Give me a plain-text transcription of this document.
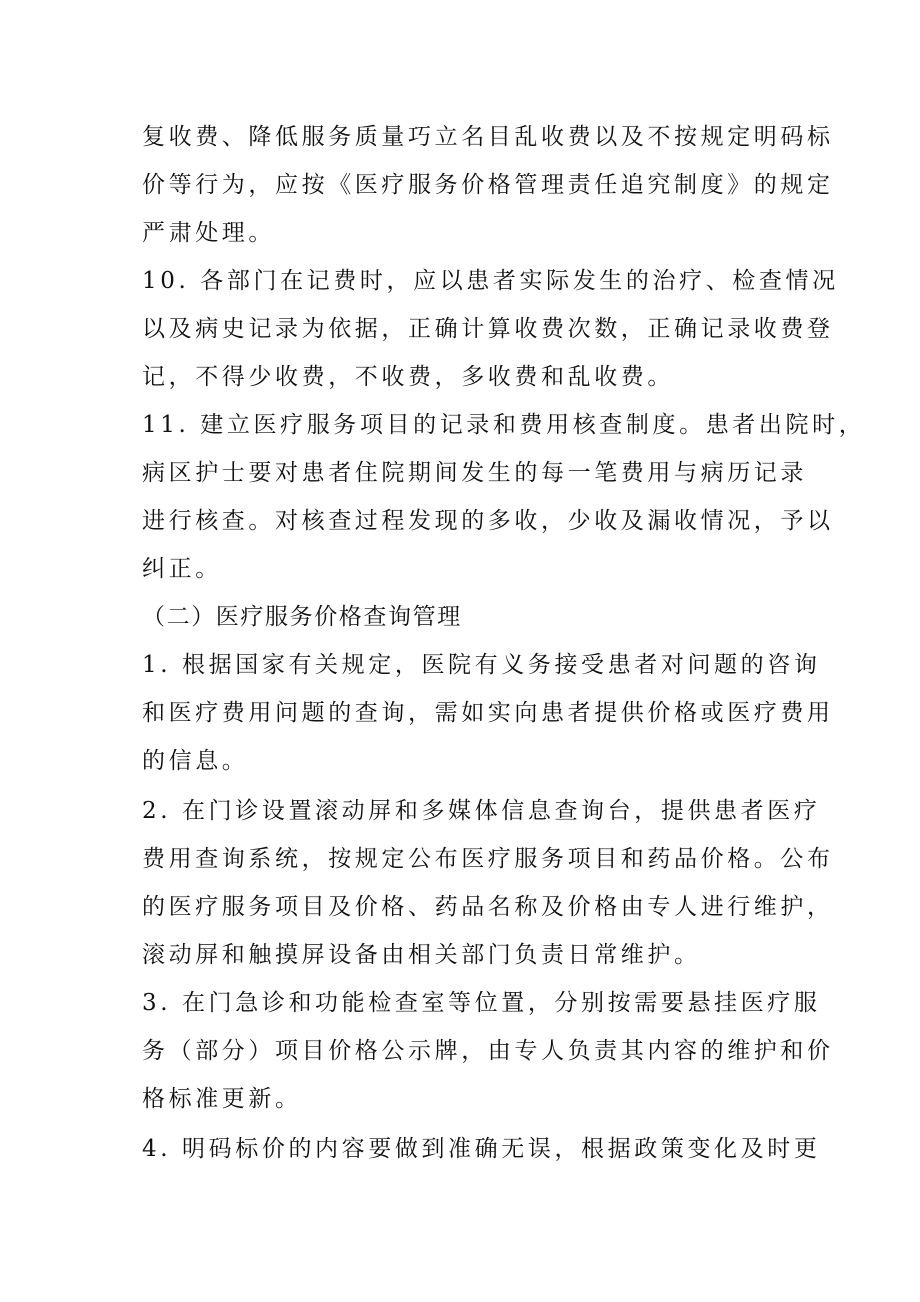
复收费、降低服务质量巧立名目乱收费以及不按规定明码标
价等行为，应按《医疗服务价格管理责任追究制度》的规定
严肃处理。
10. 各部门在记费时，应以患者实际发生的治疗、检查情况
以及病史记录为依据，正确计算收费次数，正确记录收费登
记，不得少收费，不收费，多收费和乱收费。
11. 建立医疗服务项目的记录和费用核查制度。患者出院时，
病区护士要对患者住院期间发生的每一笔费用与病历记录
进行核查。对核查过程发现的多收，少收及漏收情况，予以
纠正。
（二）医疗服务价格查询管理
1. 根据国家有关规定，医院有义务接受患者对问题的咨询
和医疗费用问题的查询，需如实向患者提供价格或医疗费用
的信息。
2. 在门诊设置滚动屏和多媒体信息查询台，提供患者医疗
费用查询系统，按规定公布医疗服务项目和药品价格。公布
的医疗服务项目及价格、药品名称及价格由专人进行维护，
滚动屏和触摸屏设备由相关部门负责日常维护。
3. 在门急诊和功能检查室等位置，分别按需要悬挂医疗服
务（部分）项目价格公示牌，由专人负责其内容的维护和价
格标准更新。
4. 明码标价的内容要做到准确无误，根据政策变化及时更
